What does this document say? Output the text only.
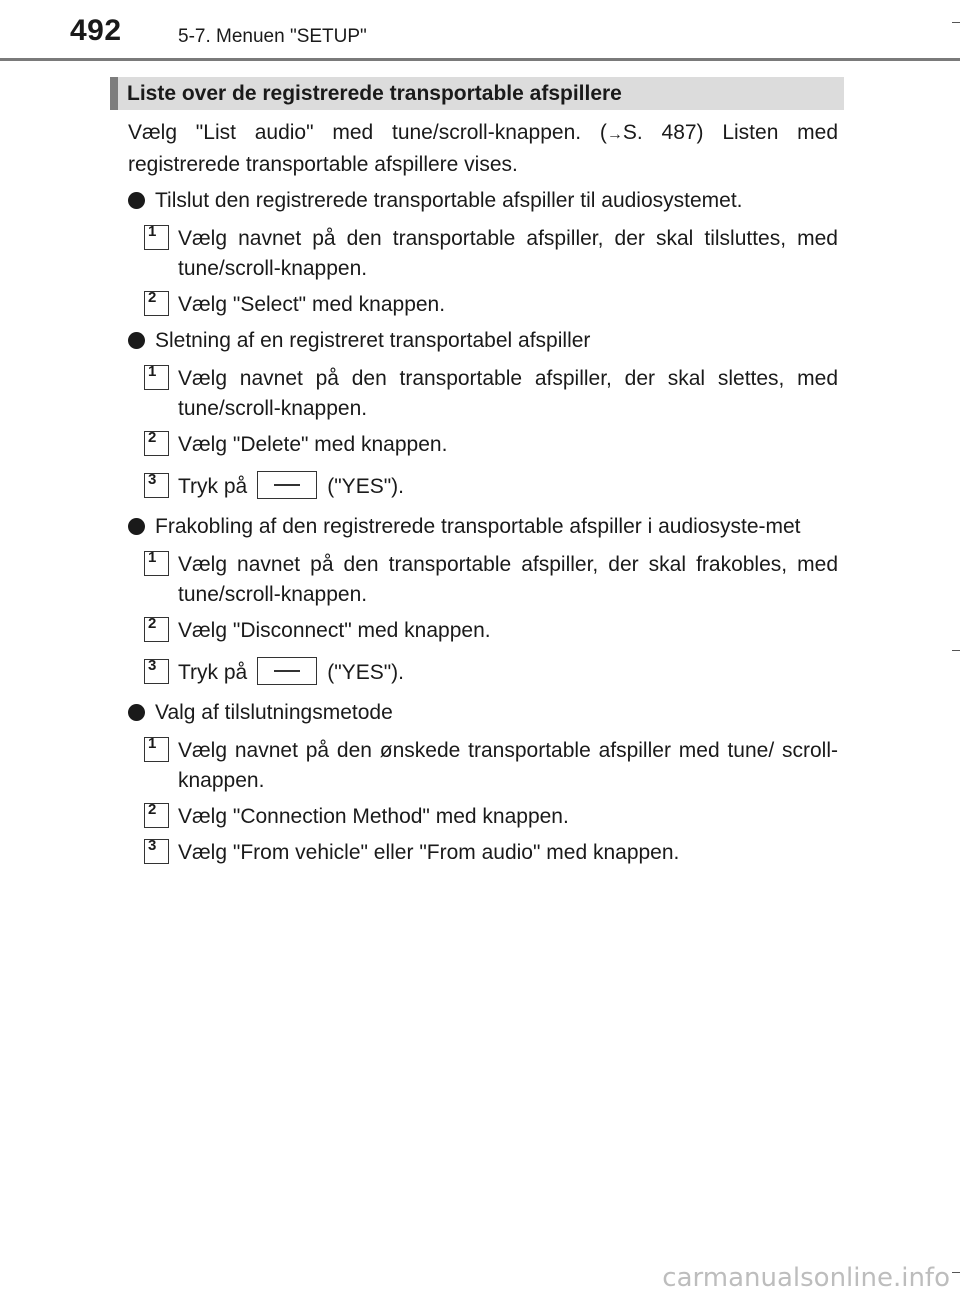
492	5-7. Menuen "SETUP"
Liste over de registrerede transportable afspillere

Vælg "List audio" med tune/scroll-knappen. (→S. 487) Listen med registrerede transportable afspillere vises.

Tilslut den registrerede transportable afspiller til audiosystemet.
1	Vælg navnet på den transportable afspiller, der skal tilsluttes, med tune/scroll-knappen.
2	Vælg "Select" med knappen.
Sletning af en registreret transportabel afspiller
1	Vælg navnet på den transportable afspiller, der skal slettes, med tune/scroll-knappen.
2	Vælg "Delete" med knappen.
3	Tryk på	("YES").
Frakobling af den registrerede transportable afspiller i audiosyste-met
1	Vælg navnet på den transportable afspiller, der skal frakobles, med tune/scroll-knappen.
2	Vælg "Disconnect" med knappen.
3	Tryk på	("YES").
Valg af tilslutningsmetode
1	Vælg navnet på den ønskede transportable afspiller med tune/ scroll-knappen.
2	Vælg "Connection Method" med knappen.
3	Vælg "From vehicle" eller "From audio" med knappen.
carmanualsonline.info
